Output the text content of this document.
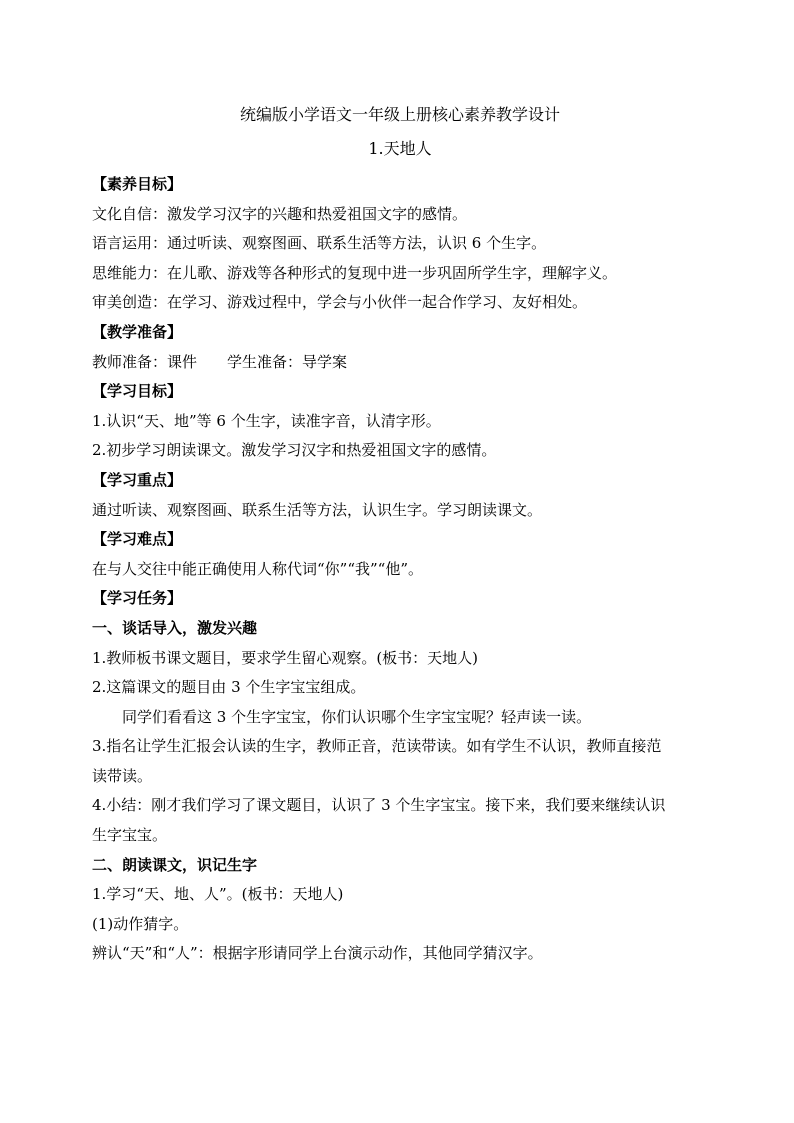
统编版小学语文一年级上册核心素养教学设计
1.天地人

【素养目标】

文化自信：激发学习汉字的兴趣和热爱祖国文字的感情。

语言运用：通过听读、观察图画、联系生活等方法，认识 6 个生字。

思维能力：在儿歌、游戏等各种形式的复现中进一步巩固所学生字，理解字义。

审美创造：在学习、游戏过程中，学会与小伙伴一起合作学习、友好相处。

【教学准备】

教师准备：课件　　学生准备：导学案

【学习目标】

1.认识“天、地”等 6 个生字，读准字音，认清字形。

2.初步学习朗读课文。激发学习汉字和热爱祖国文字的感情。

【学习重点】

通过听读、观察图画、联系生活等方法，认识生字。学习朗读课文。

【学习难点】

在与人交往中能正确使用人称代词“你”“我”“他”。

【学习任务】

一、谈话导入，激发兴趣

1.教师板书课文题目，要求学生留心观察。(板书：天地人)

2.这篇课文的题目由 3 个生字宝宝组成。

同学们看看这 3 个生字宝宝，你们认识哪个生字宝宝呢？轻声读一读。

3.指名让学生汇报会认读的生字，教师正音，范读带读。如有学生不认识，教师直接范

读带读。

4.小结：刚才我们学习了课文题目，认识了 3 个生字宝宝。接下来，我们要来继续认识

生字宝宝。

二、朗读课文，识记生字

1.学习“天、地、人”。(板书：天地人)

(1)动作猜字。

辨认“天”和“人”：根据字形请同学上台演示动作，其他同学猜汉字。
